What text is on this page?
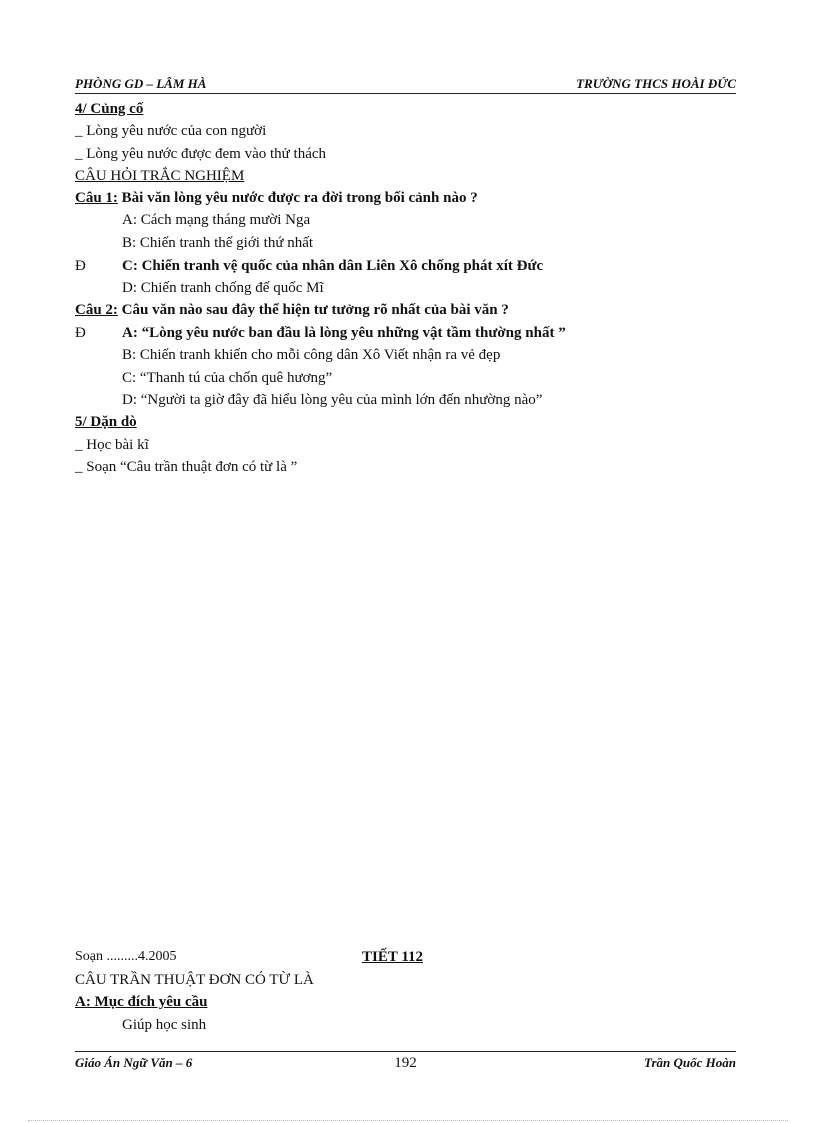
PHÒNG GD – LÂM HÀ	TRƯỜNG THCS HOÀI ĐỨC
4/ Củng cố
_ Lòng yêu nước của con người
_ Lòng yêu nước được đem vào thử thách
CÂU HỎI TRẮC NGHIỆM
Câu 1: Bài văn lòng yêu nước được ra đời trong bối cảnh nào ?
A: Cách mạng tháng mười Nga
B: Chiến tranh thế giới thứ nhất
Đ C: Chiến tranh vệ quốc của nhân dân Liên Xô chống phát xít Đức
D: Chiến tranh chống đế quốc Mĩ
Câu 2: Câu văn nào sau đây thể hiện tư tưởng rõ nhất của bài văn ?
Đ A: “Lòng yêu nước ban đầu là lòng yêu những vật tầm thường nhất ”
B: Chiến tranh khiến cho mỗi công dân Xô Viết nhận ra vẻ đẹp
C: “Thanh tú của chốn quê hương”
D: “Người ta giờ đây đã hiểu lòng yêu của mình lớn đến nhường nào”
5/ Dặn dò
_ Học bài kĩ
_ Soạn “Câu trần thuật đơn có từ là ”
Soạn .........4.2005	TIẾT 112
CÂU TRẦN THUẬT ĐƠN CÓ TỪ LÀ
A: Mục đích yêu cầu
Giúp học sinh
Giáo Án Ngữ Văn – 6	192	Trần Quốc Hoàn
